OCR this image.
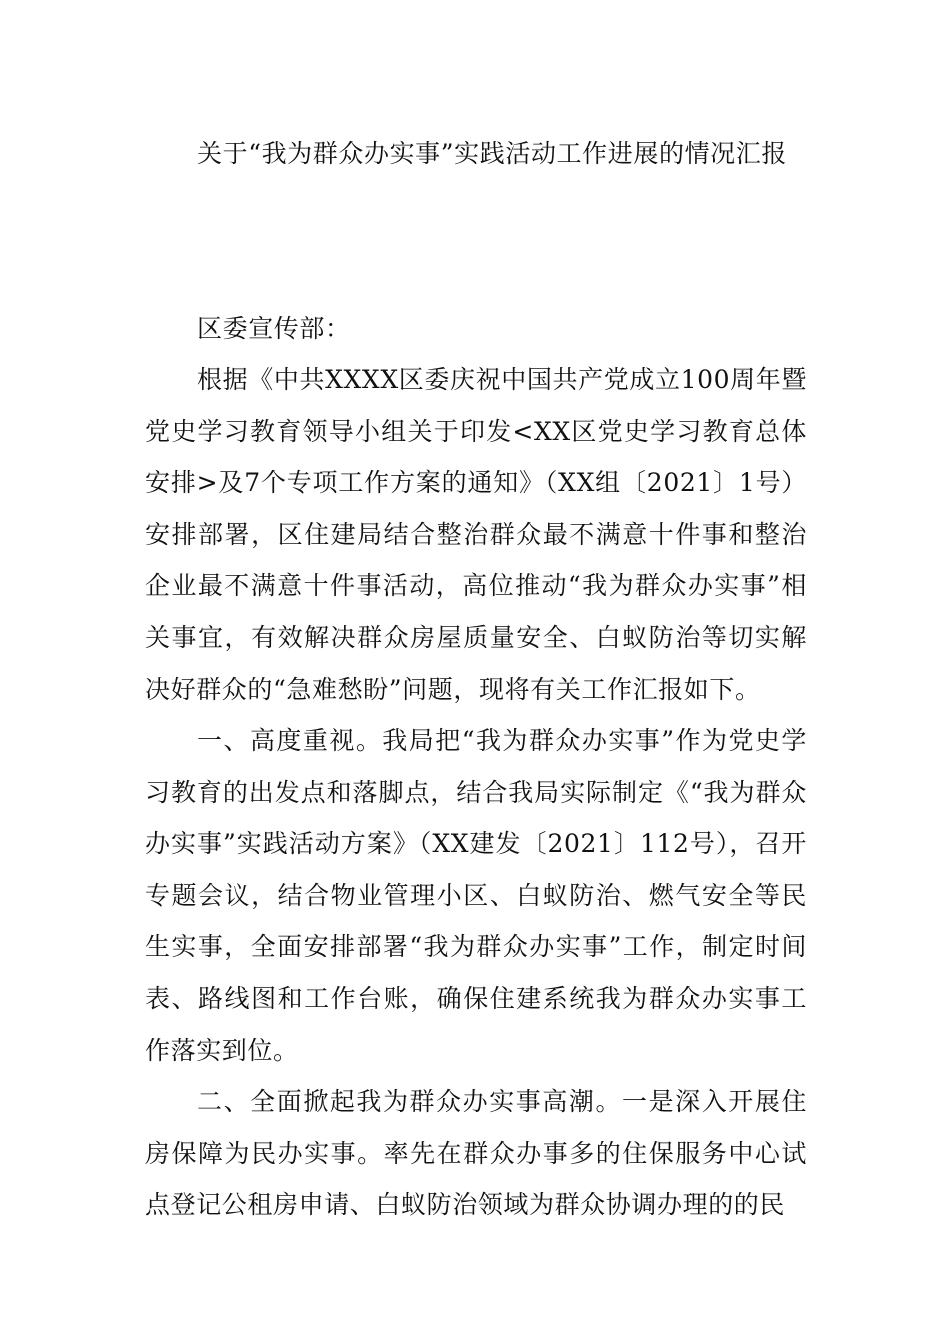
关于“我为群众办实事”实践活动工作进展的情况汇报

区委宣传部：

根据《中共XXXX区委庆祝中国共产党成立100周年暨党史学习教育领导小组关于印发<XX区党史学习教育总体安排>及7个专项工作方案的通知》（XX组〔2021〕1号）安排部署，区住建局结合整治群众最不满意十件事和整治企业最不满意十件事活动，高位推动“我为群众办实事”相关事宜，有效解决群众房屋质量安全、白蚁防治等切实解决好群众的“急难愁盼”问题，现将有关工作汇报如下。

一、高度重视。我局把“我为群众办实事”作为党史学习教育的出发点和落脚点，结合我局实际制定《“我为群众办实事”实践活动方案》（XX建发〔2021〕112号），召开专题会议，结合物业管理小区、白蚁防治、燃气安全等民生实事，全面安排部署“我为群众办实事”工作，制定时间表、路线图和工作台账，确保住建系统我为群众办实事工作落实到位。

二、全面掀起我为群众办实事高潮。一是深入开展住房保障为民办实事。率先在群众办事多的住保服务中心试点登记公租房申请、白蚁防治领域为群众协调办理的的民
